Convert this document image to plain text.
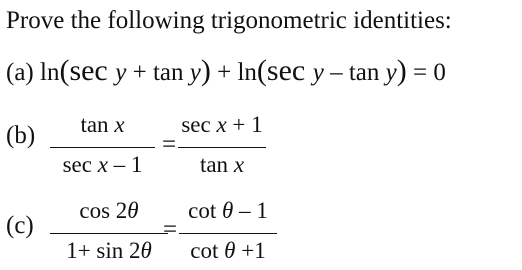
Prove the following trigonometric identities:
(a) ln(sec y + tan y) + ln(sec y – tan y) = 0
(b)	tan x
sec x – 1
=
sec x + 1
tan x
(c)
cos 2θ
1+ sin 2θ
=
cot θ – 1
cot θ +1
